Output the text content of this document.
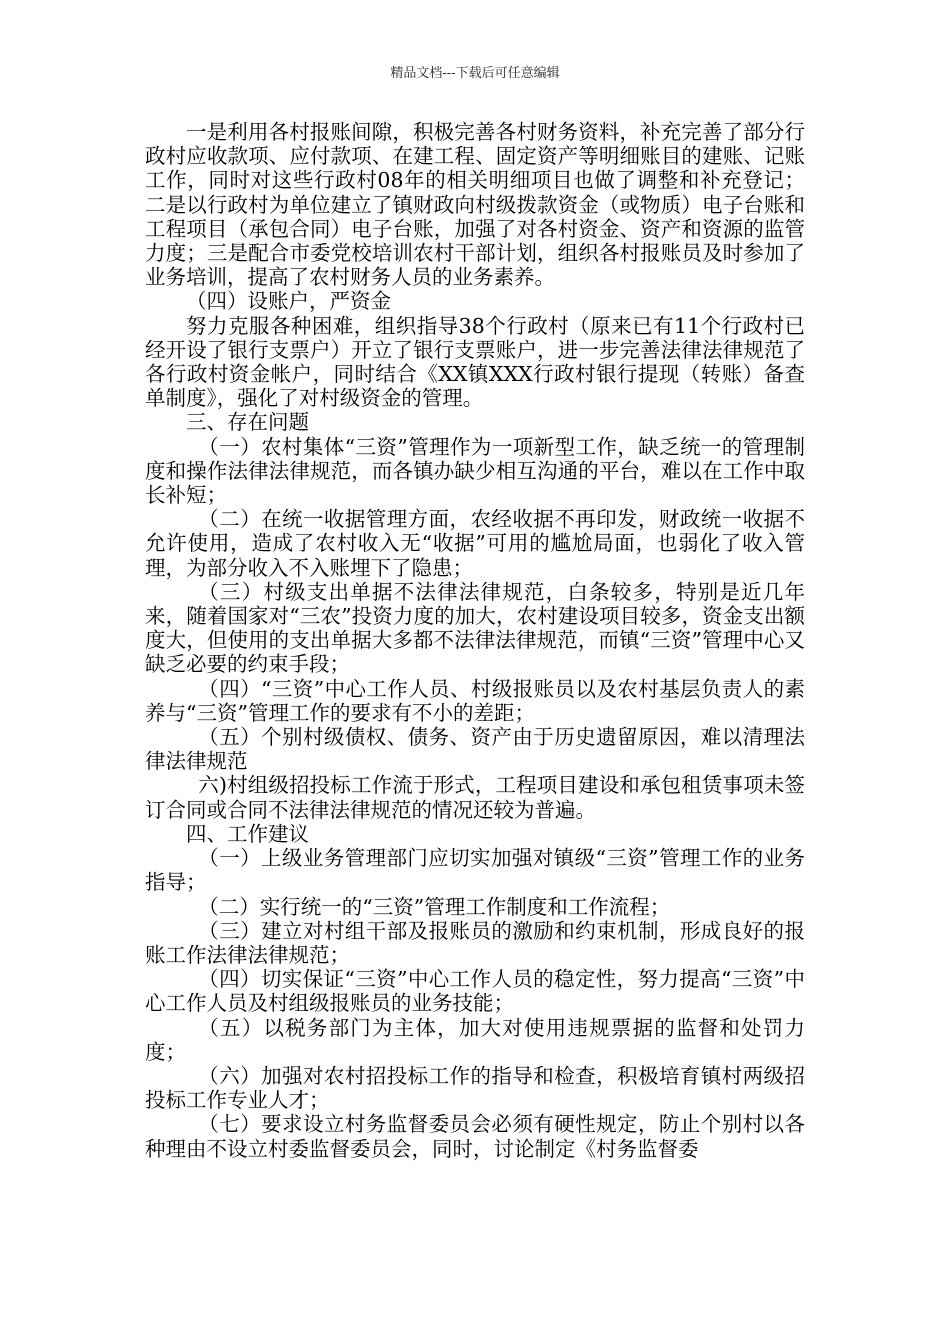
精品文档---下载后可任意编辑

一是利用各村报账间隙，积极完善各村财务资料，补充完善了部分行政村应收款项、应付款项、在建工程、固定资产等明细账目的建账、记账工作，同时对这些行政村08年的相关明细项目也做了调整和补充登记；二是以行政村为单位建立了镇财政向村级拨款资金（或物质）电子台账和工程项目（承包合同）电子台账，加强了对各村资金、资产和资源的监管力度；三是配合市委党校培训农村干部计划，组织各村报账员及时参加了业务培训，提高了农村财务人员的业务素养。

（四）设账户，严资金

努力克服各种困难，组织指导38个行政村（原来已有11个行政村已经开设了银行支票户）开立了银行支票账户，进一步完善法律法律规范了各行政村资金帐户，同时结合《XX镇XXX行政村银行提现（转账）备查单制度》，强化了对村级资金的管理。

三、存在问题

（一）农村集体“三资”管理作为一项新型工作，缺乏统一的管理制度和操作法律法律规范，而各镇办缺少相互沟通的平台，难以在工作中取长补短；

（二）在统一收据管理方面，农经收据不再印发，财政统一收据不允许使用，造成了农村收入无“收据”可用的尴尬局面，也弱化了收入管理，为部分收入不入账埋下了隐患；

（三）村级支出单据不法律法律规范，白条较多，特别是近几年来，随着国家对“三农”投资力度的加大，农村建设项目较多，资金支出额度大，但使用的支出单据大多都不法律法律规范，而镇“三资”管理中心又缺乏必要的约束手段；

（四）“三资”中心工作人员、村级报账员以及农村基层负责人的素养与“三资”管理工作的要求有不小的差距；

（五）个别村级债权、债务、资产由于历史遗留原因，难以清理法律法律规范

六)村组级招投标工作流于形式，工程项目建设和承包租赁事项未签订合同或合同不法律法律规范的情况还较为普遍。

四、工作建议

（一）上级业务管理部门应切实加强对镇级“三资”管理工作的业务指导；

（二）实行统一的“三资”管理工作制度和工作流程；

（三）建立对村组干部及报账员的激励和约束机制，形成良好的报账工作法律法律规范；

（四）切实保证“三资”中心工作人员的稳定性，努力提高“三资”中心工作人员及村组级报账员的业务技能；

（五）以税务部门为主体，加大对使用违规票据的监督和处罚力度；

（六）加强对农村招投标工作的指导和检查，积极培育镇村两级招投标工作专业人才；

（七）要求设立村务监督委员会必须有硬性规定，防止个别村以各种理由不设立村委监督委员会，同时，讨论制定《村务监督委
